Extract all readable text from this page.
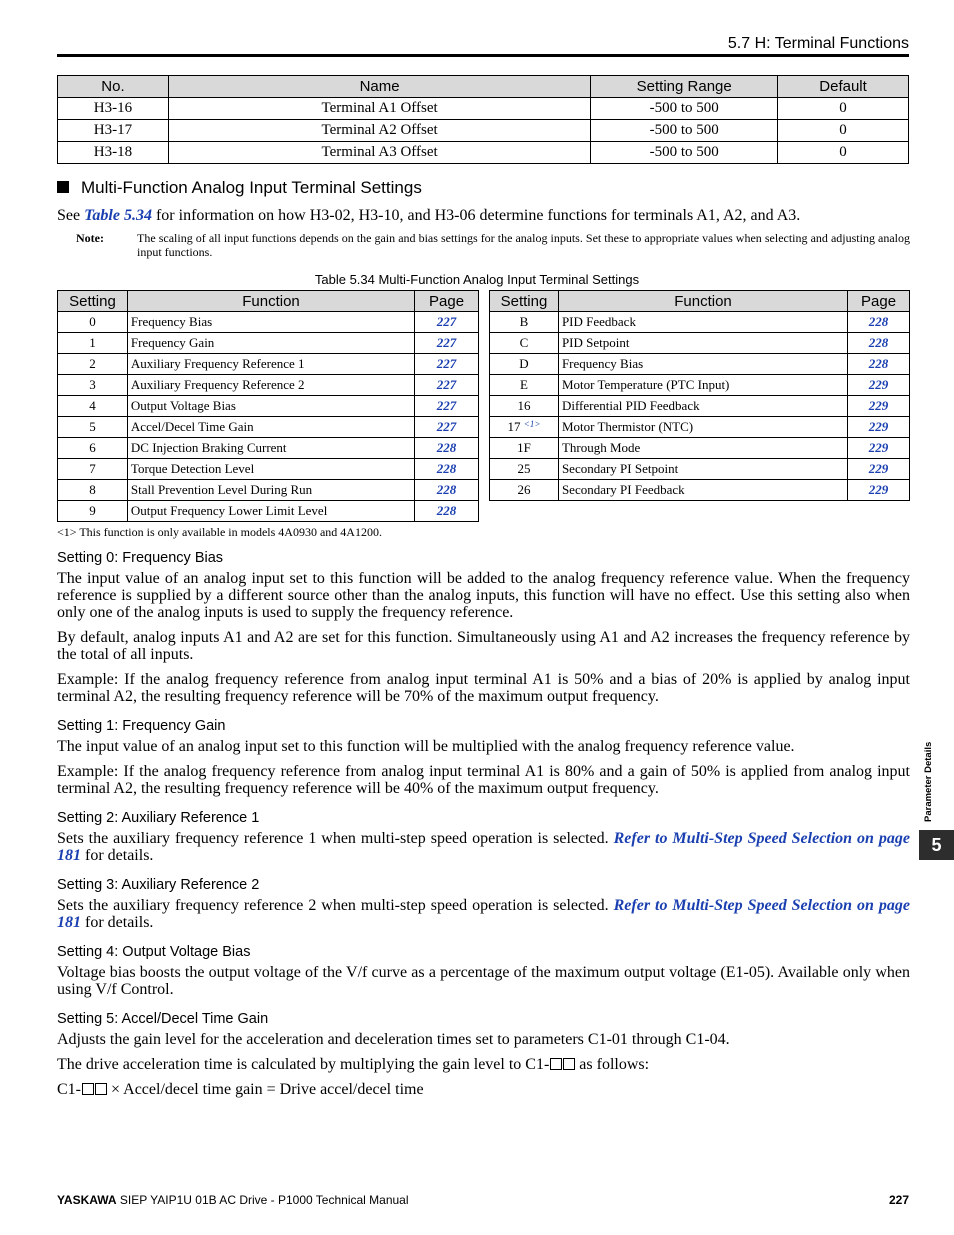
5.7 H: Terminal Functions
No.	Name	Setting Range	Default
H3-16	Terminal A1 Offset	-500 to 500	0
H3-17	Terminal A2 Offset	-500 to 500	0
H3-18	Terminal A3 Offset	-500 to 500	0
Multi-Function Analog Input Terminal Settings

See Table 5.34 for information on how H3-02, H3-10, and H3-06 determine functions for terminals A1, A2, and A3.

Note:	The scaling of all input functions depends on the gain and bias settings for the analog inputs. Set these to appropriate values when selecting and adjusting analog input functions.
Table 5.34 Multi-Function Analog Input Terminal Settings
Setting	Function	Page
0	Frequency Bias	227
1	Frequency Gain	227
2	Auxiliary Frequency Reference 1	227
3	Auxiliary Frequency Reference 2	227
4	Output Voltage Bias	227
5	Accel/Decel Time Gain	227
6	DC Injection Braking Current	228
7	Torque Detection Level	228
8	Stall Prevention Level During Run	228
9	Output Frequency Lower Limit Level	228
Setting	Function	Page
B	PID Feedback	228
C	PID Setpoint	228
D	Frequency Bias	228
E	Motor Temperature (PTC Input)	229
16	Differential PID Feedback	229
17 $^{<1>}$	Motor Thermistor (NTC)	229
1F	Through Mode	229
25	Secondary PI Setpoint	229
26	Secondary PI Feedback	229
<1> This function is only available in models 4A0930 and 4A1200.
Setting 0: Frequency Bias

The input value of an analog input set to this function will be added to the analog frequency reference value. When the frequency reference is supplied by a different source other than the analog inputs, this function will have no effect. Use this setting also when only one of the analog inputs is used to supply the frequency reference.

By default, analog inputs A1 and A2 are set for this function. Simultaneously using A1 and A2 increases the frequency reference by the total of all inputs.

Example: If the analog frequency reference from analog input terminal A1 is 50% and a bias of 20% is applied by analog input terminal A2, the resulting frequency reference will be 70% of the maximum output frequency.

Setting 1: Frequency Gain

The input value of an analog input set to this function will be multiplied with the analog frequency reference value.

Example: If the analog frequency reference from analog input terminal A1 is 80% and a gain of 50% is applied from analog input terminal A2, the resulting frequency reference will be 40% of the maximum output frequency.

Setting 2: Auxiliary Reference 1

Sets the auxiliary frequency reference 1 when multi-step speed operation is selected. Refer to Multi-Step Speed Selection on page 181 for details.

Setting 3: Auxiliary Reference 2

Sets the auxiliary frequency reference 2 when multi-step speed operation is selected. Refer to Multi-Step Speed Selection on page 181 for details.

Setting 4: Output Voltage Bias

Voltage bias boosts the output voltage of the V/f curve as a percentage of the maximum output voltage (E1-05). Available only when using V/f Control.

Setting 5: Accel/Decel Time Gain

Adjusts the gain level for the acceleration and deceleration times set to parameters C1-01 through C1-04.

The drive acceleration time is calculated by multiplying the gain level to C1- as follows:

C1- × Accel/decel time gain = Drive accel/decel time

Parameter Details
5
YASKAWA SIEP YAIP1U 01B AC Drive - P1000 Technical Manual	227
